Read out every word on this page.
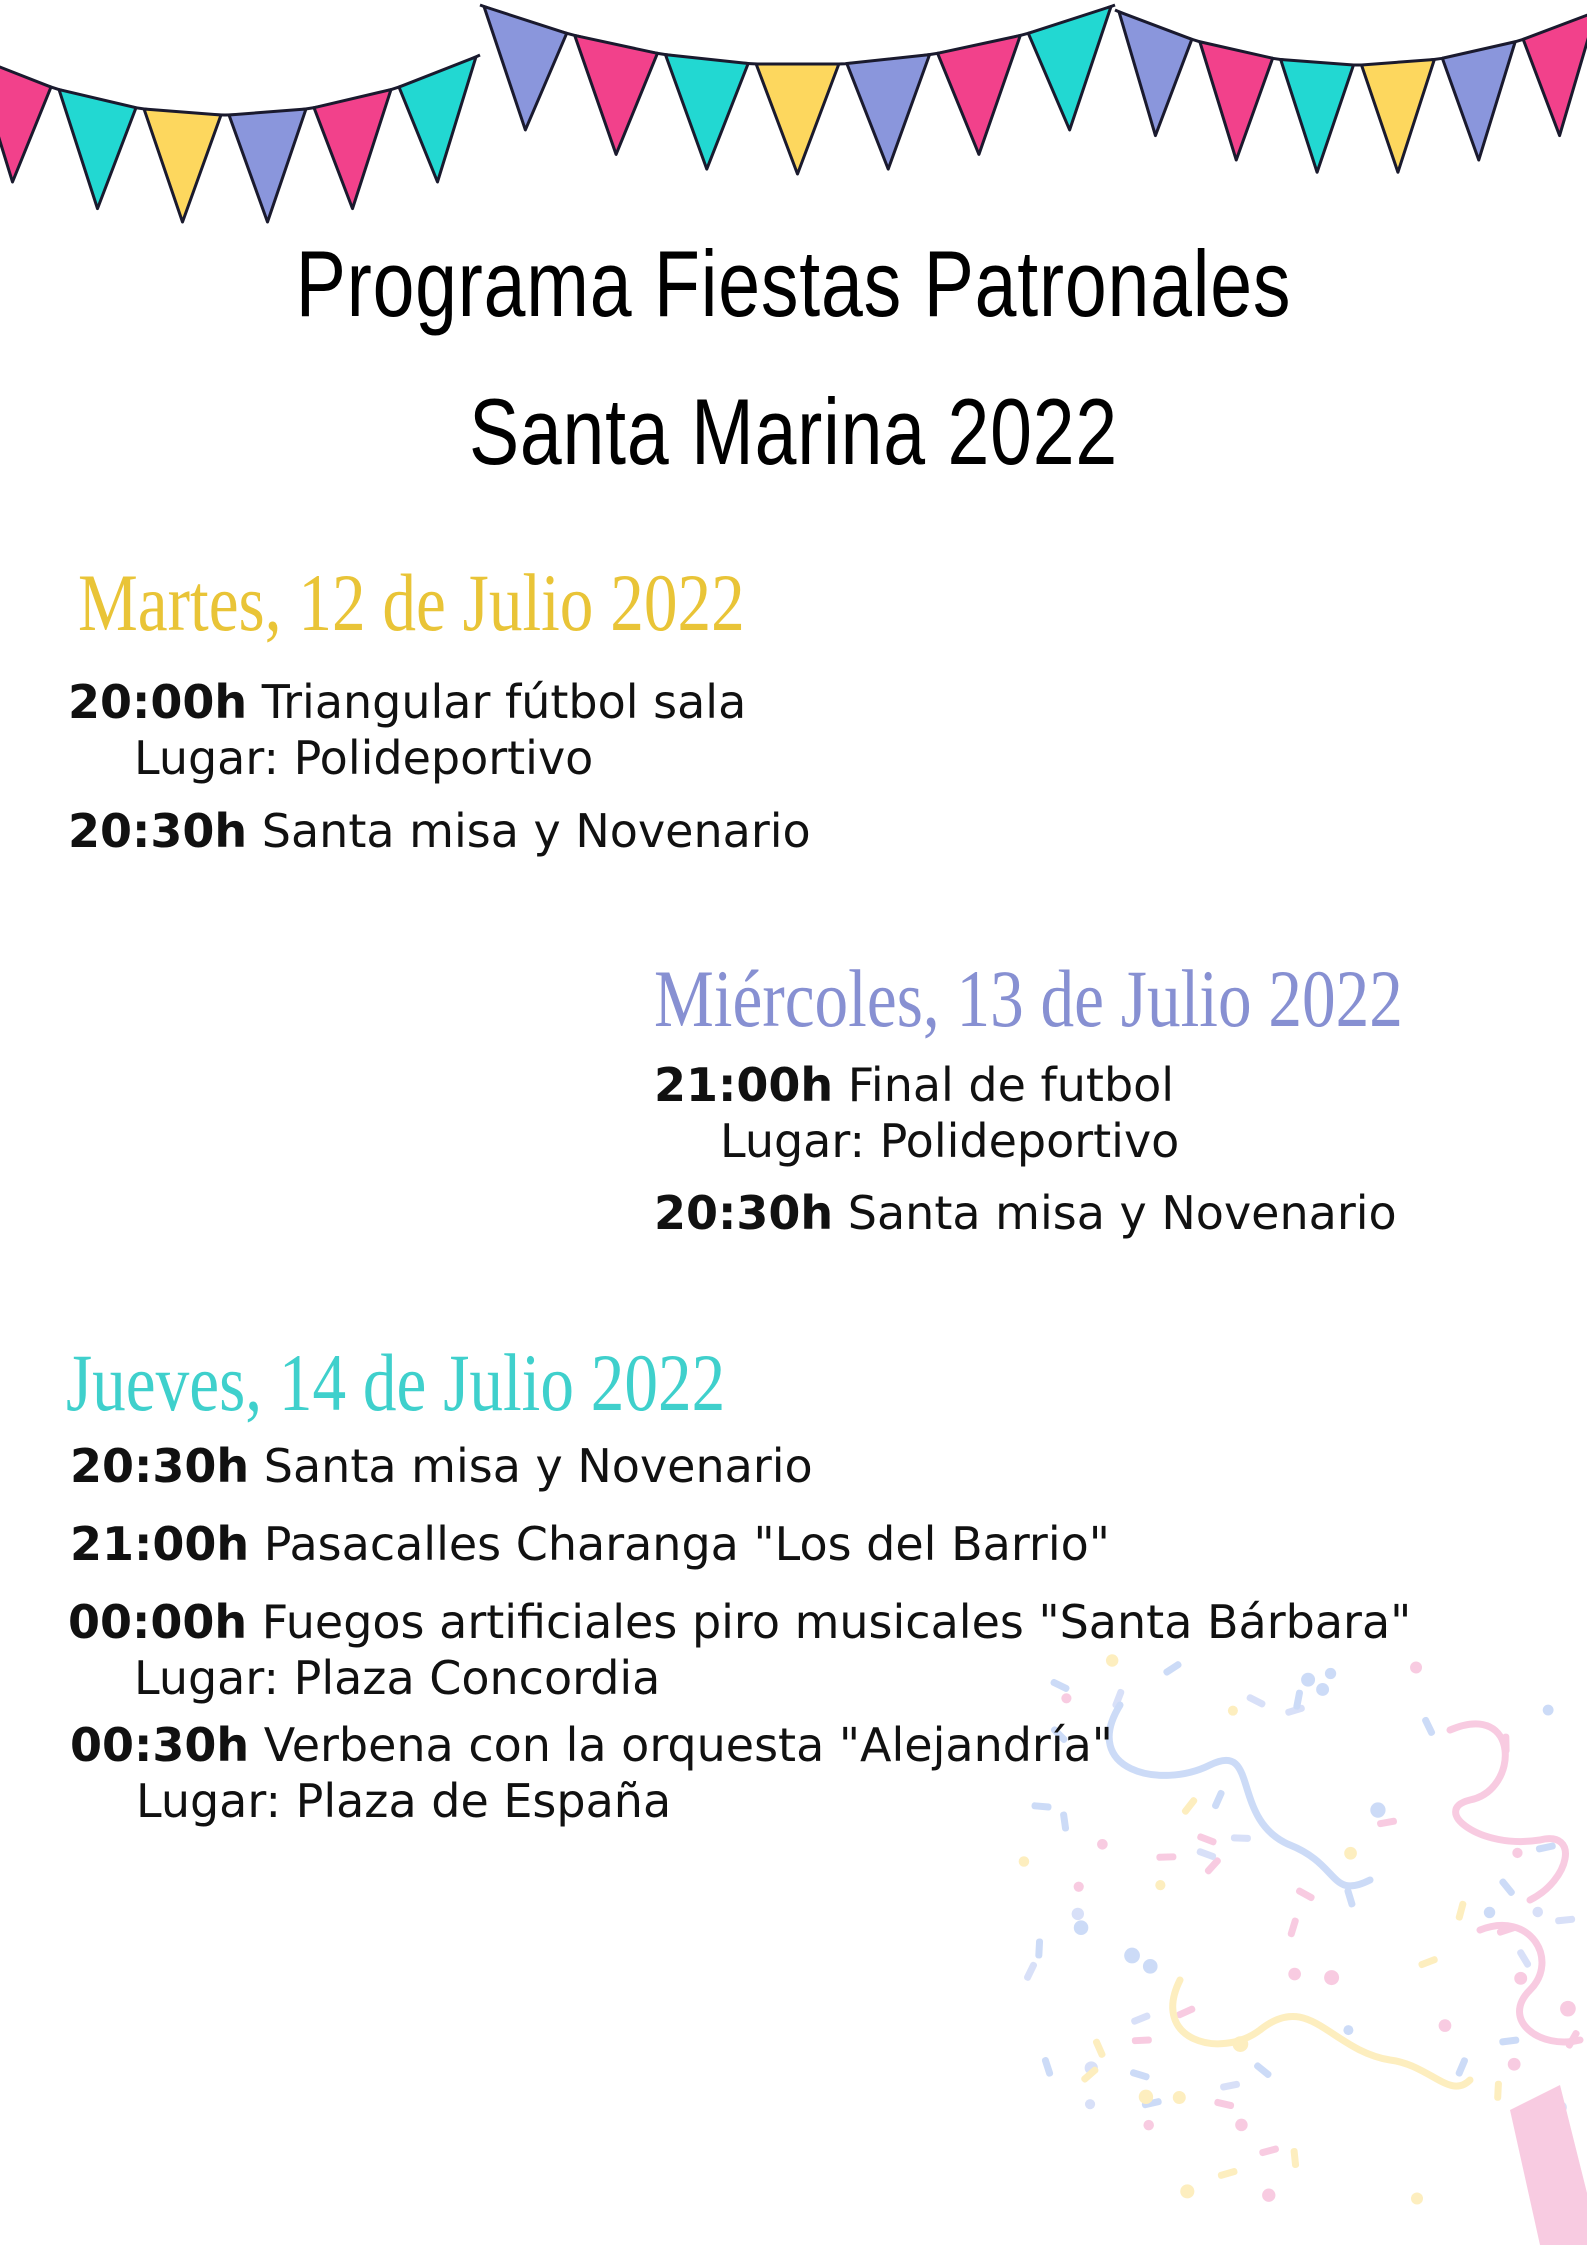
Programa Fiestas Patronales
Santa Marina 2022
Martes, 12 de Julio 2022
20:00h Triangular fútbol sala
Lugar: Polideportivo
20:30h Santa misa y Novenario
Miércoles, 13 de Julio 2022
21:00h Final de futbol
Lugar: Polideportivo
20:30h Santa misa y Novenario
Jueves, 14 de Julio 2022
20:30h Santa misa y Novenario
21:00h Pasacalles Charanga "Los del Barrio"
00:00h Fuegos artificiales piro musicales "Santa Bárbara"
Lugar: Plaza Concordia
00:30h Verbena con la orquesta "Alejandría"
Lugar: Plaza de España
